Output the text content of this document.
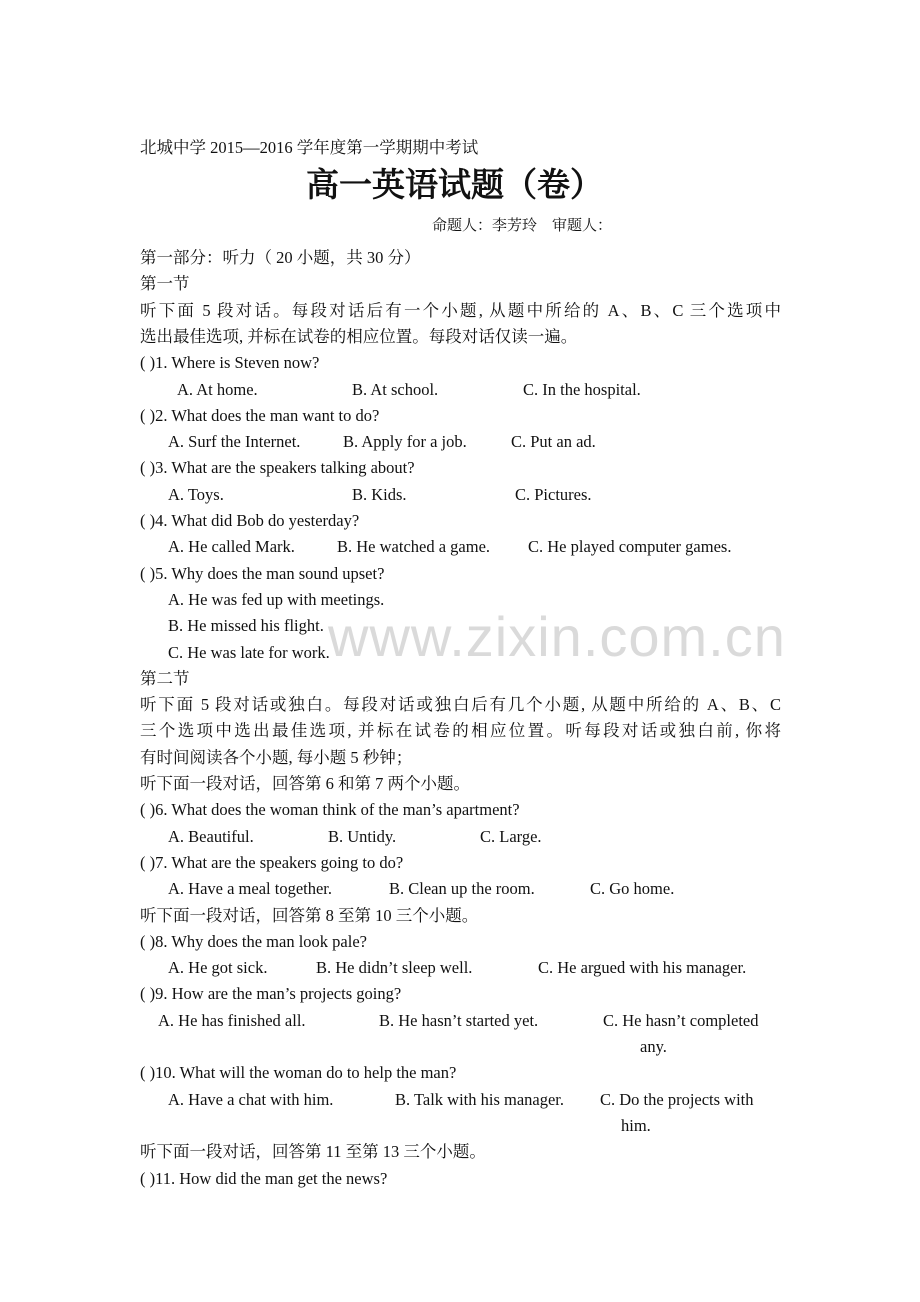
北城中学 2015—2016 学年度第一学期期中考试
高一英语试题（卷）
命题人：李芳玲　审题人：
www.zixin.com.cn
第一部分：听力（ 20 小题，共 30 分）
第一节
听下面 5 段对话。每段对话后有一个小题, 从题中所给的 A、B、C 三个选项中
选出最佳选项, 并标在试卷的相应位置。每段对话仅读一遍。
( )1. Where is Steven now?
A. At home.	B. At school.	C. In the hospital.
( )2. What does the man want to do?
A. Surf the Internet.	B. Apply for a job.	C. Put an ad.
( )3. What are the speakers talking about?
A. Toys.	B. Kids.	C. Pictures.
( )4. What did Bob do yesterday?
A. He called Mark.	B. He watched a game. C. He played computer games.
( )5. Why does the man sound upset?
A. He was fed up with meetings.
B. He missed his flight.
C. He was late for work.
第二节
听下面 5 段对话或独白。每段对话或独白后有几个小题, 从题中所给的 A、B、C
三个选项中选出最佳选项, 并标在试卷的相应位置。听每段对话或独白前, 你将
有时间阅读各个小题, 每小题 5 秒钟；
听下面一段对话，回答第 6 和第 7 两个小题。
( )6. What does the woman think of the man’s apartment?
A. Beautiful.	B. Untidy.	C. Large.
( )7. What are the speakers going to do?
A. Have a meal together.	B. Clean up the room.	C. Go home.
听下面一段对话，回答第 8 至第 10 三个小题。
( )8. Why does the man look pale?
A. He got sick.	B. He didn’t sleep well.	C. He argued with his manager.
( )9. How are the man’s projects going?
A. He has finished all.	B. He hasn’t started yet.	C. He hasn’t completed
any.
( )10. What will the woman do to help the man?
A. Have a chat with him.	B. Talk with his manager. C. Do the projects with
him.
听下面一段对话，回答第 11 至第 13 三个小题。
( )11. How did the man get the news?
